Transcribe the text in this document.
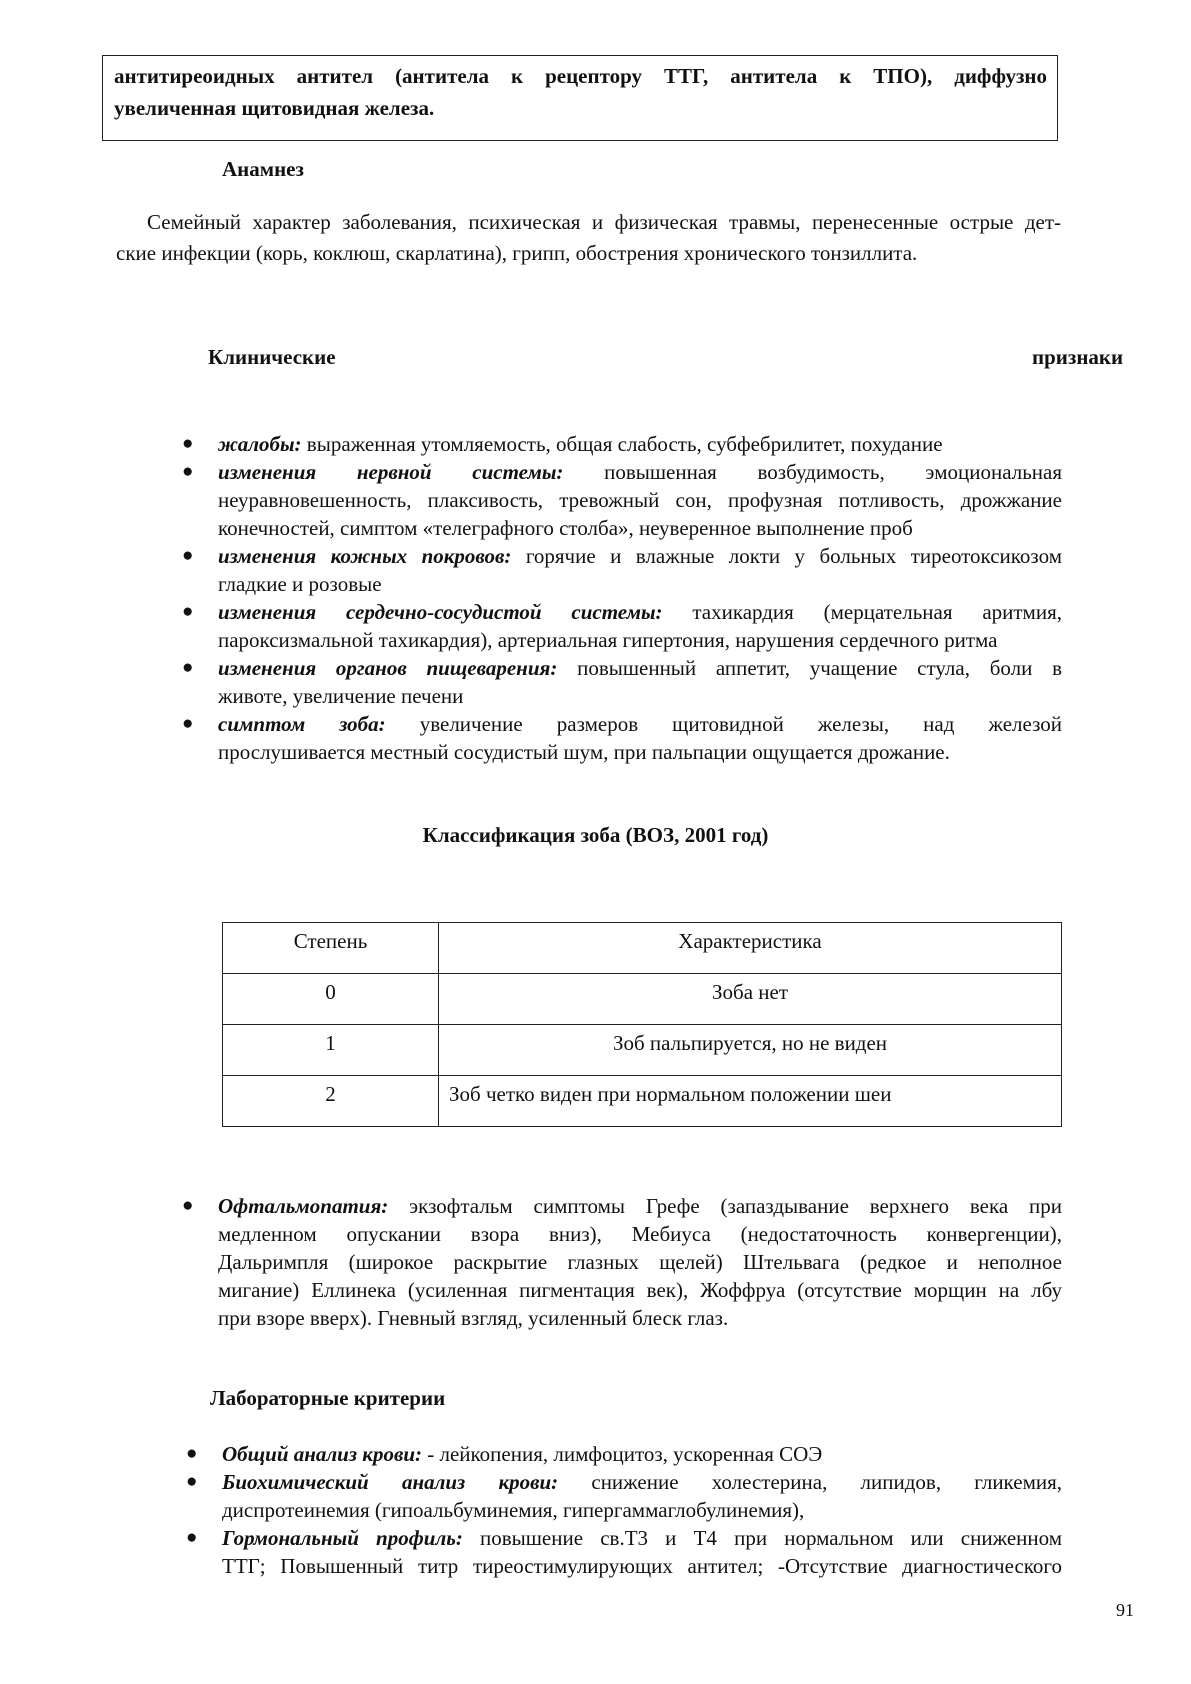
антитиреоидных антител (антитела к рецептору ТТГ, антитела к ТПО), диффузно
увеличенная щитовидная железа.
Анамнез
Семейный характер заболевания, психическая и физическая травмы, перенесенные острые дет-
ские инфекции (корь, коклюш, скарлатина), грипп, обострения хронического тонзиллита.
Клинические	признаки
● жалобы: выраженная утомляемость, общая слабость, субфебрилитет, похудание
● изменения нервной системы: повышенная возбудимость, эмоциональная
неуравновешенность, плаксивость, тревожный сон, профузная потливость, дрожжание
конечностей, симптом «телеграфного столба», неуверенное выполнение проб
● изменения кожных покровов: горячие и влажные локти у больных тиреотоксикозом
гладкие и розовые
● изменения сердечно-сосудистой системы: тахикардия (мерцательная аритмия,
пароксизмальной тахикардия), артериальная гипертония, нарушения сердечного ритма
● изменения органов пищеварения: повышенный аппетит, учащение стула, боли в
животе, увеличение печени
● симптом зоба: увеличение размеров щитовидной железы, над железой
прослушивается местный сосудистый шум, при пальпации ощущается дрожание.
Классификация зоба (ВОЗ, 2001 год)
Степень	Характеристика
0	Зоба нет
1	Зоб пальпируется, но не виден
2	Зоб четко виден при нормальном положении шеи
● Офтальмопатия: экзофтальм симптомы Грефе (запаздывание верхнего века при
медленном опускании взора вниз), Мебиуса (недостаточность конвергенции),
Дальримпля (широкое раскрытие глазных щелей) Штельвага (редкое и неполное
мигание) Еллинека (усиленная пигментация век), Жоффруа (отсутствие морщин на лбу
при взоре вверх). Гневный взгляд, усиленный блеск глаз.
Лабораторные критерии
● Общий анализ крови: - лейкопения, лимфоцитоз, ускоренная СОЭ
● Биохимический анализ крови: снижение холестерина, липидов, гликемия,
диспротеинемия (гипоальбуминемия, гипергаммаглобулинемия),
● Гормональный профиль: повышение св.Т3 и Т4 при нормальном или сниженном
ТТГ; Повышенный титр тиреостимулирующих антител; -Отсутствие диагностического
91
